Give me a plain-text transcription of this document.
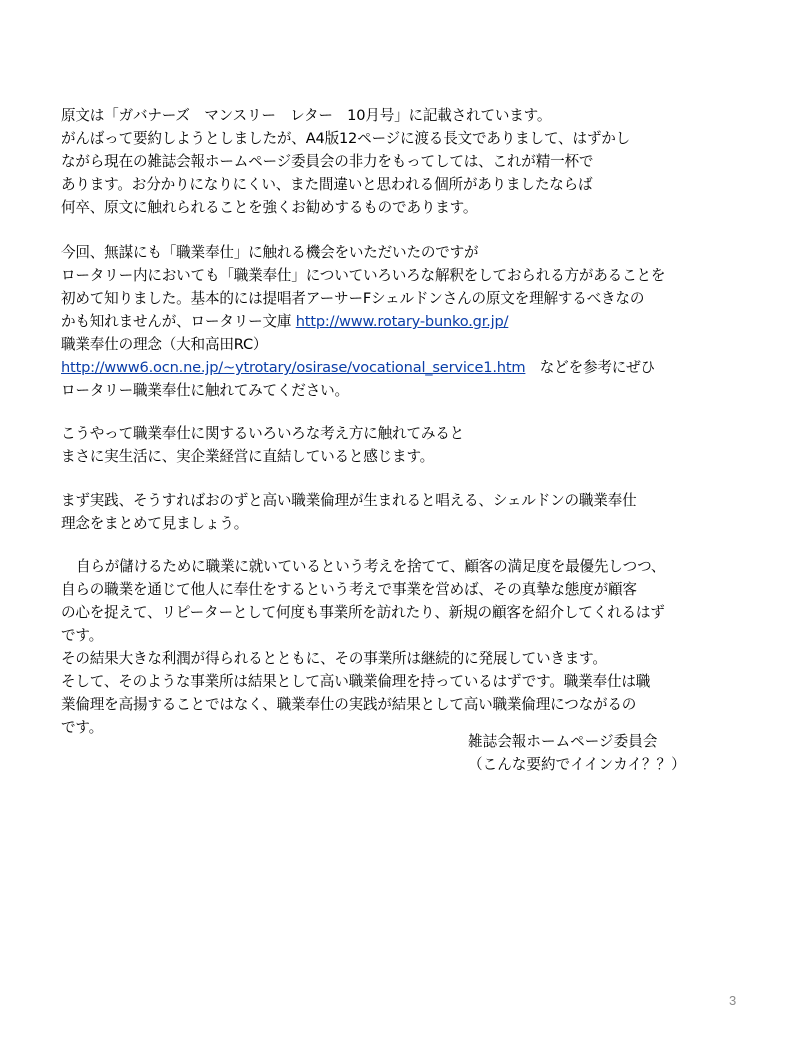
原文は「ガバナーズ　マンスリー　レター　10月号」に記載されています。
がんばって要約しようとしましたが、A4版12ページに渡る長文でありまして、はずかし
ながら現在の雑誌会報ホームページ委員会の非力をもってしては、これが精一杯で
あります。お分かりになりにくい、また間違いと思われる個所がありましたならば
何卒、原文に触れられることを強くお勧めするものであります。
今回、無謀にも「職業奉仕」に触れる機会をいただいたのですが
ロータリー内においても「職業奉仕」についていろいろな解釈をしておられる方があることを
初めて知りました。基本的には提唱者アーサーFシェルドンさんの原文を理解するべきなの
かも知れませんが、ロータリー文庫 http://www.rotary-bunko.gr.jp/
職業奉仕の理念（大和高田RC）
http://www6.ocn.ne.jp/~ytrotary/osirase/vocational_service1.htm　などを参考にぜひ
ロータリー職業奉仕に触れてみてください。
こうやって職業奉仕に関するいろいろな考え方に触れてみると
まさに実生活に、実企業経営に直結していると感じます。
まず実践、そうすればおのずと高い職業倫理が生まれると唱える、シェルドンの職業奉仕
理念をまとめて見ましょう。
自らが儲けるために職業に就いているという考えを捨てて、顧客の満足度を最優先しつつ、
自らの職業を通じて他人に奉仕をするという考えで事業を営めば、その真摯な態度が顧客
の心を捉えて、リピーターとして何度も事業所を訪れたり、新規の顧客を紹介してくれるはず
です。
その結果大きな利潤が得られるとともに、その事業所は継続的に発展していきます。
そして、そのような事業所は結果として高い職業倫理を持っているはずです。職業奉仕は職
業倫理を高揚することではなく、職業奉仕の実践が結果として高い職業倫理につながるの
です。
雑誌会報ホームページ委員会
（こんな要約でイインカイ？？）
3
